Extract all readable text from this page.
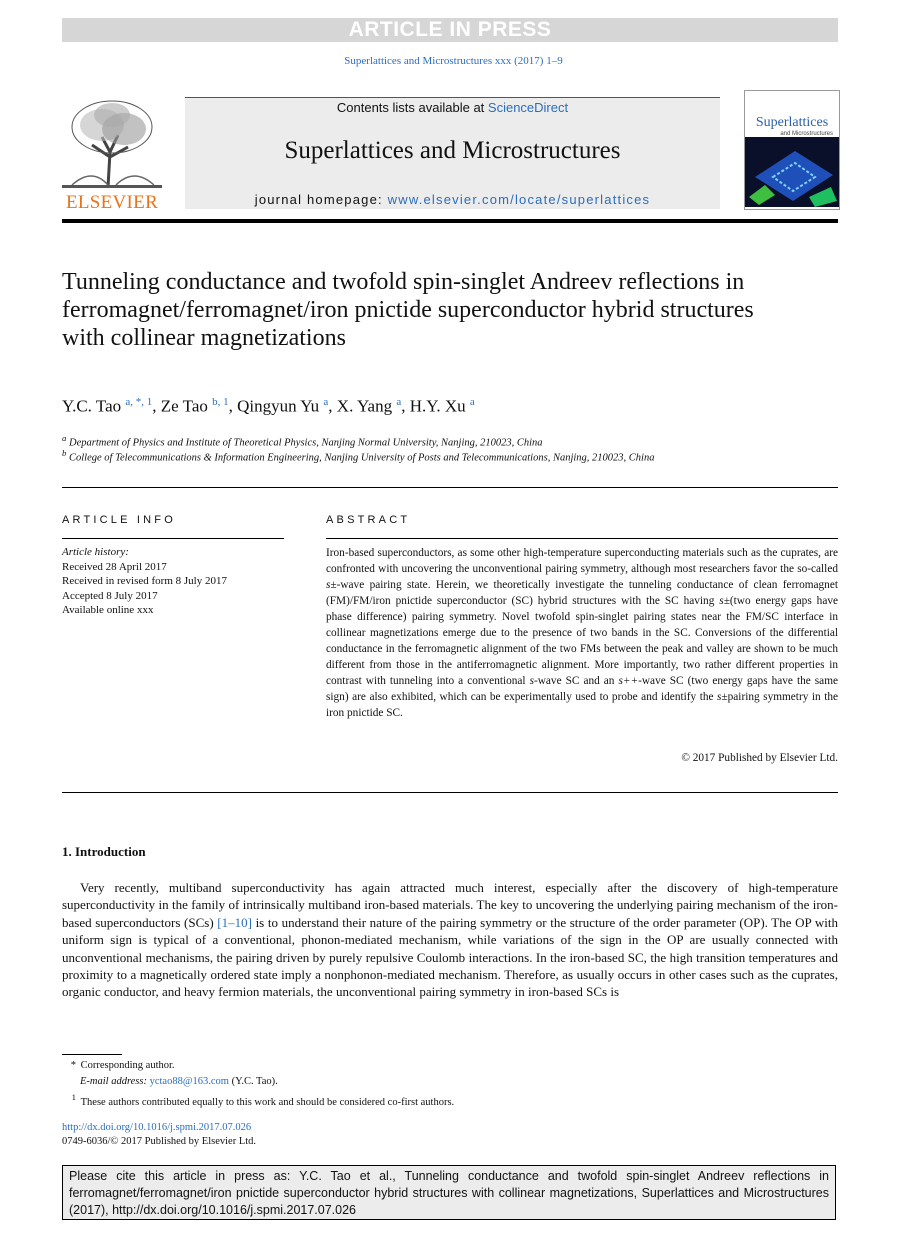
ARTICLE IN PRESS
Superlattices and Microstructures xxx (2017) 1–9
ELSEVIER
Contents lists available at ScienceDirect
Superlattices and Microstructures
journal homepage: www.elsevier.com/locate/superlattices
Superlattices
and Microstructures
Tunneling conductance and twofold spin-singlet Andreev reflections in ferromagnet/ferromagnet/iron pnictide superconductor hybrid structures with collinear magnetizations
Y.C. Tao $^{a, *, 1}$, Ze Tao $^{b, 1}$, Qingyun Yu $^a$, X. Yang $^a$, H.Y. Xu $^a$
$^a$ Department of Physics and Institute of Theoretical Physics, Nanjing Normal University, Nanjing, 210023, China
$^b$ College of Telecommunications & Information Engineering, Nanjing University of Posts and Telecommunications, Nanjing, 210023, China
ARTICLE INFO
Article history:
Received 28 April 2017
Received in revised form 8 July 2017
Accepted 8 July 2017
Available online xxx
ABSTRACT
Iron-based superconductors, as some other high-temperature superconducting materials such as the cuprates, are confronted with uncovering the unconventional pairing symmetry, although most researchers favor the so-called s±-wave pairing state. Herein, we theoretically investigate the tunneling conductance of clean ferromagnet (FM)/FM/iron pnictide superconductor (SC) hybrid structures with the SC having s±(two energy gaps have phase difference) pairing symmetry. Novel twofold spin-singlet pairing states near the FM/SC interface in collinear magnetizations emerge due to the presence of two bands in the SC. Conversions of the differential conductance in the ferromagnetic alignment of the two FMs between the peak and valley are shown to be much different from those in the antiferromagnetic alignment. More importantly, two rather different properties in contrast with tunneling into a conventional s-wave SC and an s++-wave SC (two energy gaps have the same sign) are also exhibited, which can be experimentally used to probe and identify the s±pairing symmetry in the iron pnictide SC.
© 2017 Published by Elsevier Ltd.
1. Introduction
Very recently, multiband superconductivity has again attracted much interest, especially after the discovery of high-temperature superconductivity in the family of intrinsically multiband iron-based materials. The key to uncovering the underlying pairing mechanism of the iron-based superconductors (SCs) [1–10] is to understand their nature of the pairing symmetry or the structure of the order parameter (OP). The OP with uniform sign is typical of a conventional, phonon-mediated mechanism, while variations of the sign in the OP are usually connected with unconventional mechanisms, the pairing driven by purely repulsive Coulomb interactions. In the iron-based SC, the high transition temperatures and proximity to a magnetically ordered state imply a nonphonon-mediated mechanism. Therefore, as usually occurs in other cases such as the cuprates, organic conductor, and heavy fermion materials, the unconventional pairing symmetry in iron-based SCs is
* Corresponding author.
E-mail address: yctao88@163.com (Y.C. Tao).
$^1$ These authors contributed equally to this work and should be considered co-first authors.
http://dx.doi.org/10.1016/j.spmi.2017.07.026
0749-6036/© 2017 Published by Elsevier Ltd.
Please cite this article in press as: Y.C. Tao et al., Tunneling conductance and twofold spin-singlet Andreev reflections in ferromagnet/ferromagnet/iron pnictide superconductor hybrid structures with collinear magnetizations, Superlattices and Microstructures (2017), http://dx.doi.org/10.1016/j.spmi.2017.07.026
